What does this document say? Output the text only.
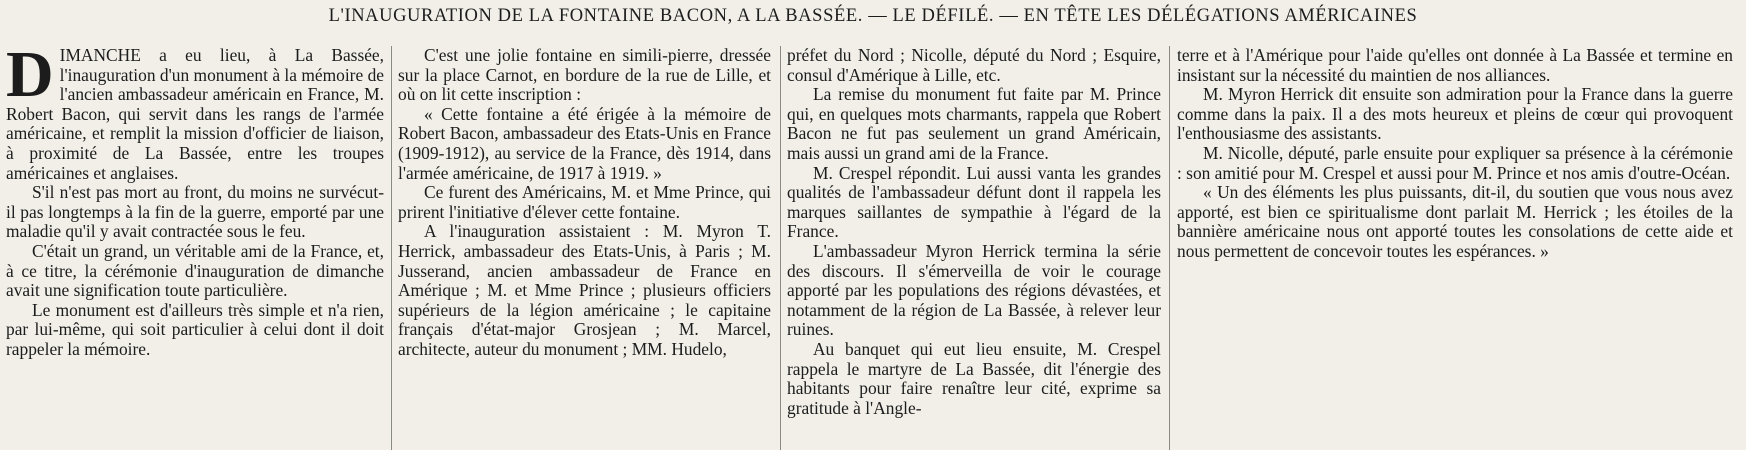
L'INAUGURATION DE LA FONTAINE BACON, A LA BASSÉE. — LE DÉFILÉ. — EN TÊTE LES DÉLÉGATIONS AMÉRICAINES

DIMANCHE a eu lieu, à La Bassée, l'inauguration d'un monument à la mémoire de l'ancien ambassadeur américain en France, M. Robert Bacon, qui servit dans les rangs de l'armée américaine, et remplit la mission d'officier de liaison, à proximité de La Bassée, entre les troupes américaines et anglaises.

S'il n'est pas mort au front, du moins ne survécut-il pas longtemps à la fin de la guerre, emporté par une maladie qu'il y avait contractée sous le feu.

C'était un grand, un véritable ami de la France, et, à ce titre, la cérémonie d'inauguration de dimanche avait une signification toute particulière.

Le monument est d'ailleurs très simple et n'a rien, par lui-même, qui soit particulier à celui dont il doit rappeler la mémoire.

C'est une jolie fontaine en simili-pierre, dressée sur la place Carnot, en bordure de la rue de Lille, et où on lit cette inscription :

« Cette fontaine a été érigée à la mémoire de Robert Bacon, ambassadeur des Etats-Unis en France (1909-1912), au service de la France, dès 1914, dans l'armée américaine, de 1917 à 1919. »

Ce furent des Américains, M. et Mme Prince, qui prirent l'initiative d'élever cette fontaine.

A l'inauguration assistaient : M. Myron T. Herrick, ambassadeur des Etats-Unis, à Paris ; M. Jusserand, ancien ambassadeur de France en Amérique ; M. et Mme Prince ; plusieurs officiers supérieurs de la légion américaine ; le capitaine français d'état-major Grosjean ; M. Marcel, architecte, auteur du monument ; MM. Hudelo,

préfet du Nord ; Nicolle, député du Nord ; Esquire, consul d'Amérique à Lille, etc.

La remise du monument fut faite par M. Prince qui, en quelques mots charmants, rappela que Robert Bacon ne fut pas seulement un grand Américain, mais aussi un grand ami de la France.

M. Crespel répondit. Lui aussi vanta les grandes qualités de l'ambassadeur défunt dont il rappela les marques saillantes de sympathie à l'égard de la France.

L'ambassadeur Myron Herrick termina la série des discours. Il s'émerveilla de voir le courage apporté par les populations des régions dévastées, et notamment de la région de La Bassée, à relever leur ruines.

Au banquet qui eut lieu ensuite, M. Crespel rappela le martyre de La Bassée, dit l'énergie des habitants pour faire renaître leur cité, exprime sa gratitude à l'Angle-

terre et à l'Amérique pour l'aide qu'elles ont donnée à La Bassée et termine en insistant sur la nécessité du maintien de nos alliances.

M. Myron Herrick dit ensuite son admiration pour la France dans la guerre comme dans la paix. Il a des mots heureux et pleins de cœur qui provoquent l'enthousiasme des assistants.

M. Nicolle, député, parle ensuite pour expliquer sa présence à la cérémonie : son amitié pour M. Crespel et aussi pour M. Prince et nos amis d'outre-Océan.

« Un des éléments les plus puissants, dit-il, du soutien que vous nous avez apporté, est bien ce spiritualisme dont parlait M. Herrick ; les étoiles de la bannière américaine nous ont apporté toutes les consolations de cette aide et nous permettent de concevoir toutes les espérances. »
